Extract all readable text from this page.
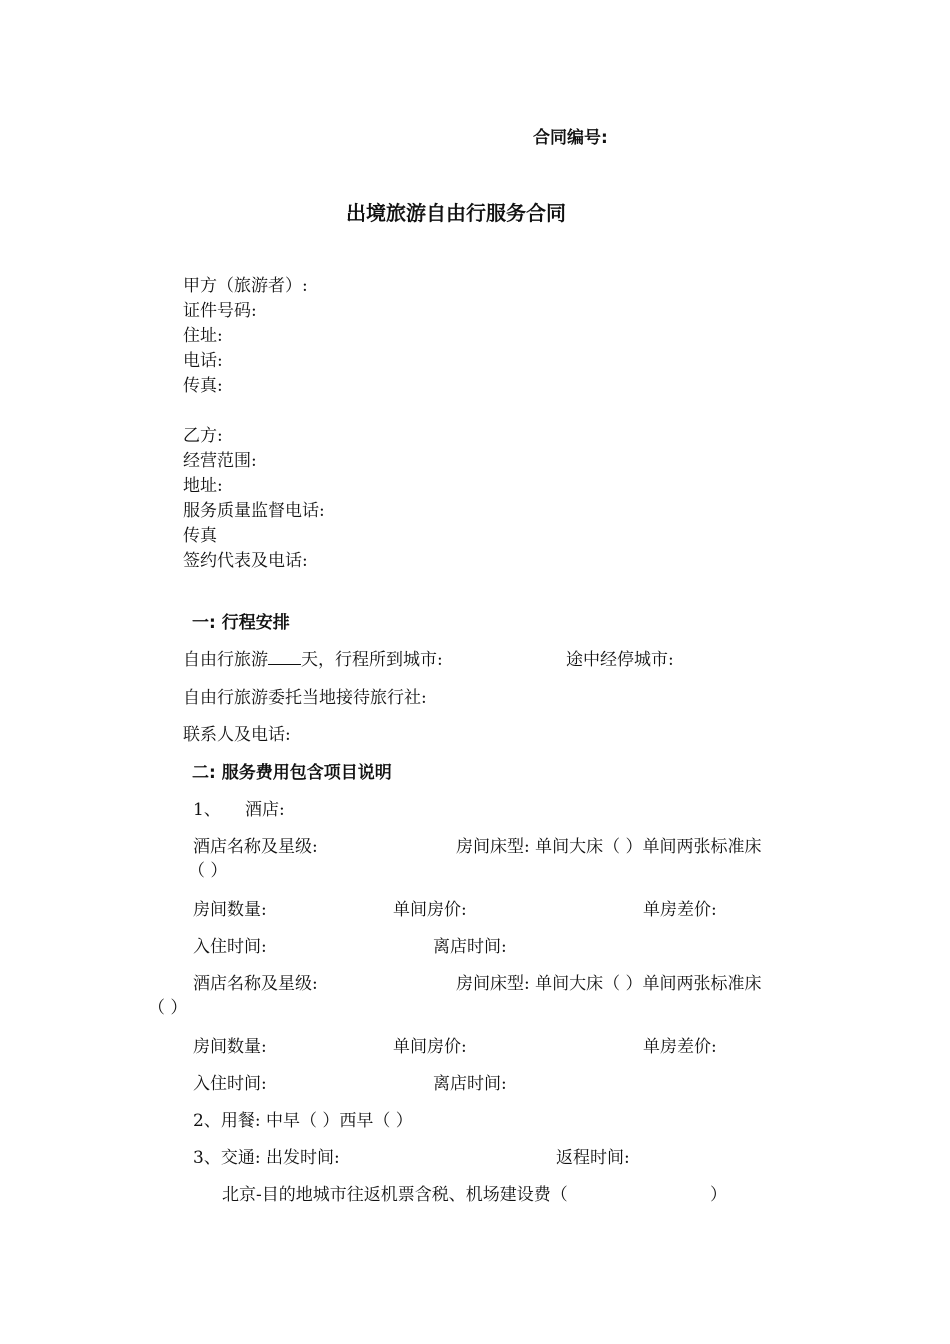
合同编号:
出境旅游自由行服务合同
甲方（旅游者）:
证件号码:
住址:
电话:
传真:
乙方:
经营范围:
地址:
服务质量监督电话:
传真
签约代表及电话:
一: 行程安排
自由行旅游 天，行程所到城市:	途中经停城市:
自由行旅游委托当地接待旅行社:
联系人及电话:
二: 服务费用包含项目说明
1、 酒店:
酒店名称及星级:	房间床型: 单间大床（ ）单间两张标准床
（ ）
房间数量:	单间房价:	单房差价:
入住时间:	离店时间:
酒店名称及星级:	房间床型: 单间大床（ ）单间两张标准床
（ ）
房间数量:	单间房价:	单房差价:
入住时间:	离店时间:
2、用餐: 中早（ ）西早（ ）
3、交通: 出发时间:	返程时间:
北京-目的地城市往返机票含税、机场建设费（	）
